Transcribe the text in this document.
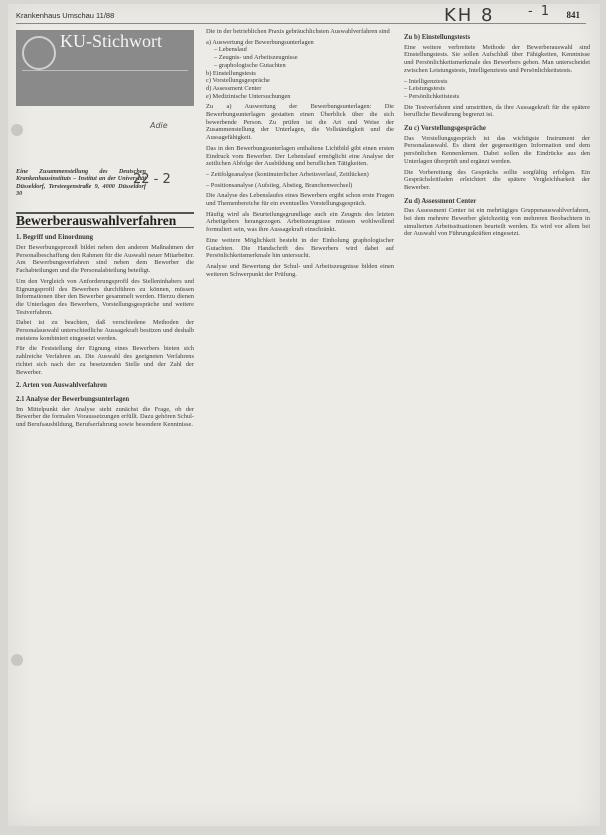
Krankenhaus Umschau 11/88	KH 8	841
- 1
KU-Stichwort
Eine Zusammenstellung des Deutschen Krankenhausinstituts – Institut an der Universität Düsseldorf, Tersteegenstraße 9, 4000 Düsseldorf 30
Bewerberauswahlverfahren
1. Begriff und Einordnung

Der Bewerbungsprozeß bildet neben den anderen Maßnahmen der Personalbeschaffung den Rahmen für die Auswahl neuer Mitarbeiter. Am Bewerbungsverfahren sind neben dem Bewerber die Fachabteilungen und die Personalabteilung beteiligt.

Um den Vergleich von Anforderungsprofil des Stelleninhabers und Eignungsprofil des Bewerbers durchführen zu können, müssen Informationen über den Bewerber gesammelt werden. Hierzu dienen die Unterlagen des Bewerbers, Vorstellungsgespräche und weitere Testverfahren.

Dabei ist zu beachten, daß verschiedene Methoden der Personalauswahl unterschiedliche Aussagekraft besitzen und deshalb meistens kombiniert eingesetzt werden.

Für die Feststellung der Eignung eines Bewerbers bieten sich zahlreiche Verfahren an. Die Auswahl des geeigneten Verfahrens richtet sich nach der zu besetzenden Stelle und der Zahl der Bewerber.

2. Arten von Auswahlverfahren
2.1 Analyse der Bewerbungsunterlagen

Im Mittelpunkt der Analyse steht zunächst die Frage, ob der Bewerber die formalen Voraussetzungen erfüllt. Dazu gehören Schul- und Berufsausbildung, Berufserfahrung sowie besondere Kenntnisse.

Adie
22 - 2

Die in der betrieblichen Praxis gebräuchlichsten Auswahlverfahren sind

a) Auswertung der Bewerbungsunterlagen
– Lebenslauf
– Zeugnis- und Arbeitszeugnisse
– graphologische Gutachten
b) Einstellungstests
c) Vorstellungsgespräche
d) Assessment Center
e) Medizinische Untersuchungen

Zu a) Auswertung der Bewerbungsunterlagen: Die Bewerbungsunterlagen gestatten einen Überblick über die sich bewerbende Person. Zu prüfen ist die Art und Weise der Zusammenstellung der Unterlagen, die Vollständigkeit und die Aussagefähigkeit.

Das in den Bewerbungsunterlagen enthaltene Lichtbild gibt einen ersten Eindruck vom Bewerber. Der Lebenslauf ermöglicht eine Analyse der zeitlichen Abfolge der Ausbildung und beruflichen Tätigkeiten.

– Zeitfolgeanalyse (kontinuierlicher Arbeitsverlauf, Zeitlücken)

– Positionsanalyse (Aufstieg, Abstieg, Branchenwechsel)

Die Analyse des Lebenslaufes eines Bewerbers ergibt schon erste Fragen und Themenbereiche für ein eventuelles Vorstellungsgespräch.

Häufig wird als Beurteilungsgrundlage auch ein Zeugnis des letzten Arbeitgebers herangezogen. Arbeitszeugnisse müssen wohlwollend formuliert sein, was ihre Aussagekraft einschränkt.

Eine weitere Möglichkeit besteht in der Einholung graphologischer Gutachten. Die Handschrift des Bewerbers wird dabei auf Persönlichkeitsmerkmale hin untersucht.

Analyse und Bewertung der Schul- und Arbeitszeugnisse bilden einen weiteren Schwerpunkt der Prüfung.

Zu b) Einstellungstests

Eine weitere verbreitete Methode der Bewerberauswahl sind Einstellungstests. Sie sollen Aufschluß über Fähigkeiten, Kenntnisse und Persönlichkeitsmerkmale des Bewerbers geben. Man unterscheidet zwischen Leistungstests, Intelligenztests und Persönlichkeitstests.

– Intelligenztests
– Leistungstests
– Persönlichkeitstests

Die Testverfahren sind umstritten, da ihre Aussagekraft für die spätere berufliche Bewährung begrenzt ist.

Zu c) Vorstellungsgespräche

Das Vorstellungsgespräch ist das wichtigste Instrument der Personalauswahl. Es dient der gegenseitigen Information und dem persönlichen Kennenlernen. Dabei sollen die Eindrücke aus den Unterlagen überprüft und ergänzt werden.

Die Vorbereitung des Gesprächs sollte sorgfältig erfolgen. Ein Gesprächsleitfaden erleichtert die spätere Vergleichbarkeit der Bewerber.

Zu d) Assessment Center

Das Assessment Center ist ein mehrtägiges Gruppenauswahlverfahren, bei dem mehrere Bewerber gleichzeitig von mehreren Beobachtern in simulierten Arbeitssituationen beurteilt werden. Es wird vor allem bei der Auswahl von Führungskräften eingesetzt.
